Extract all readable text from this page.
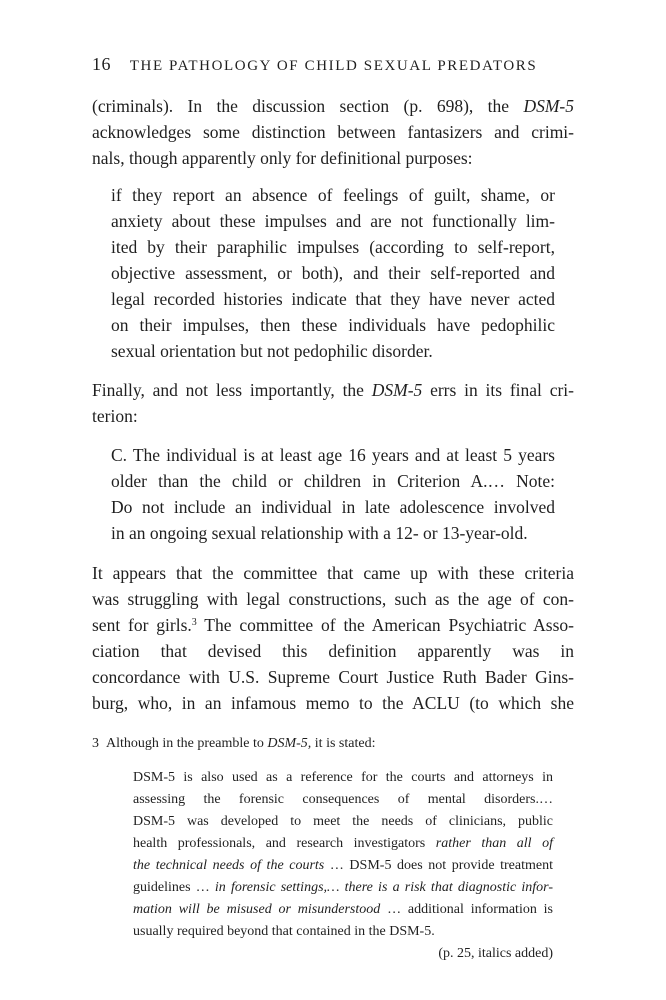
16 THE PATHOLOGY OF CHILD SEXUAL PREDATORS
(criminals). In the discussion section (p. 698), the DSM-5
acknowledges some distinction between fantasizers and crimi-
nals, though apparently only for definitional purposes:
if they report an absence of feelings of guilt, shame, or
anxiety about these impulses and are not functionally lim-
ited by their paraphilic impulses (according to self-report,
objective assessment, or both), and their self-reported and
legal recorded histories indicate that they have never acted
on their impulses, then these individuals have pedophilic
sexual orientation but not pedophilic disorder.
Finally, and not less importantly, the DSM-5 errs in its final cri-
terion:
C. The individual is at least age 16 years and at least 5 years
older than the child or children in Criterion A.… Note:
Do not include an individual in late adolescence involved
in an ongoing sexual relationship with a 12- or 13-year-old.
It appears that the committee that came up with these criteria
was struggling with legal constructions, such as the age of con-
sent for girls.$^3$ The committee of the American Psychiatric Asso-
ciation that devised this definition apparently was in
concordance with U.S. Supreme Court Justice Ruth Bader Gins-
burg, who, in an infamous memo to the ACLU (to which she
3 Although in the preamble to DSM-5, it is stated:
DSM-5 is also used as a reference for the courts and attorneys in
assessing the forensic consequences of mental disorders.…
DSM-5 was developed to meet the needs of clinicians, public
health professionals, and research investigators rather than all of
the technical needs of the courts … DSM-5 does not provide treatment
guidelines … in forensic settings,… there is a risk that diagnostic infor-
mation will be misused or misunderstood … additional information is
usually required beyond that contained in the DSM-5.
(p. 25, italics added)
